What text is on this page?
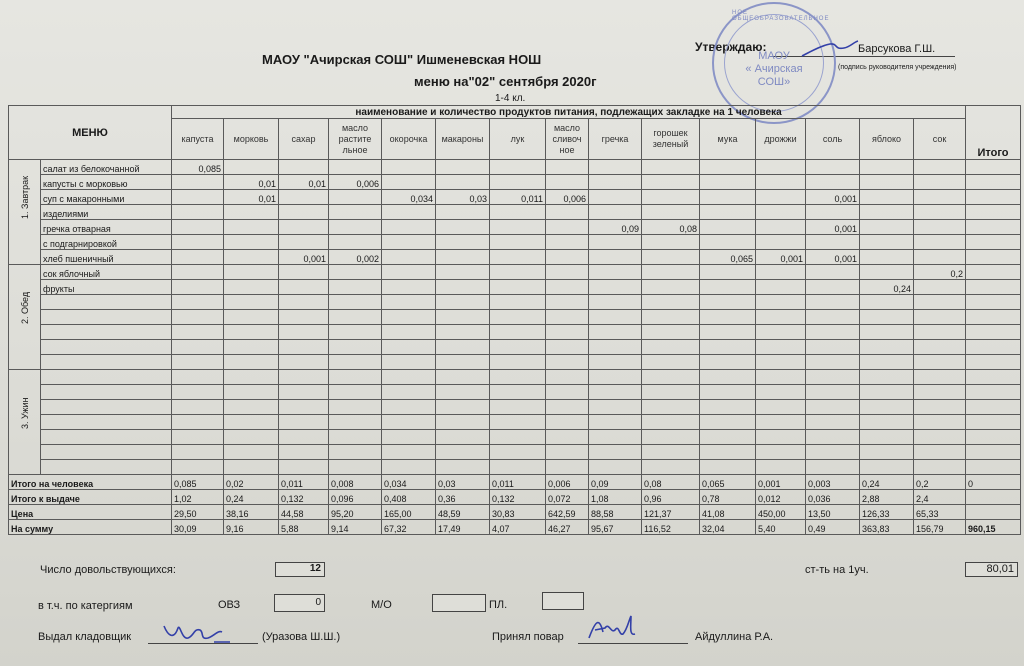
МАОУ "Ачирская СОШ" Ишменевская НОШ
меню на"02" сентября 2020г
1-4 кл.
Утверждаю:	Барсукова Г.Ш.
(подпись руководителя учреждения)
НОЕ ОБЩЕОБРАЗОВАТЕЛЬНОЕ
МАОУ
« Ачирская
СОШ»
МЕНЮ		наименование и количество продуктов питания, подлежащих закладке на 1 человека															Итого
		капуста	морковь	сахар	масло растите льное	окорочка	макароны	лук	масло сливоч ное	гречка	горошек зеленый	мука	дрожжи	соль	яблоко	сок	

1. Завтрак	салат из белокочанной	0,085															
	капусты с морковью		0,01	0,01	0,006												
	суп с макаронными		0,01			0,034	0,03	0,011	0,006					0,001			
	изделиями																
	гречка отварная									0,09	0,08			0,001			
	с подгарнировкой																
	хлеб пшеничный			0,001	0,002							0,065	0,001	0,001			

2. Обед	сок яблочный															0,2	
	фрукты														0,24		

3. Ужин																	

Итого на человека		0,085	0,02	0,011	0,008	0,034	0,03	0,011	0,006	0,09	0,08	0,065	0,001	0,003	0,24	0,2	0
Итого к выдаче		1,02	0,24	0,132	0,096	0,408	0,36	0,132	0,072	1,08	0,96	0,78	0,012	0,036	2,88	2,4	
Цена		29,50	38,16	44,58	95,20	165,00	48,59	30,83	642,59	88,58	121,37	41,08	450,00	13,50	126,33	65,33	
На сумму		30,09	9,16	5,88	9,14	67,32	17,49	4,07	46,27	95,67	116,52	32,04	5,40	0,49	363,83	156,79	960,15
Число довольствующихся:	12	ст-ть на 1уч.	80,01
в т.ч. по катергиям	ОВЗ	0	М/О	ПЛ.
Выдал кладовщик	(Уразова Ш.Ш.)	Принял повар	Айдуллина Р.А.
